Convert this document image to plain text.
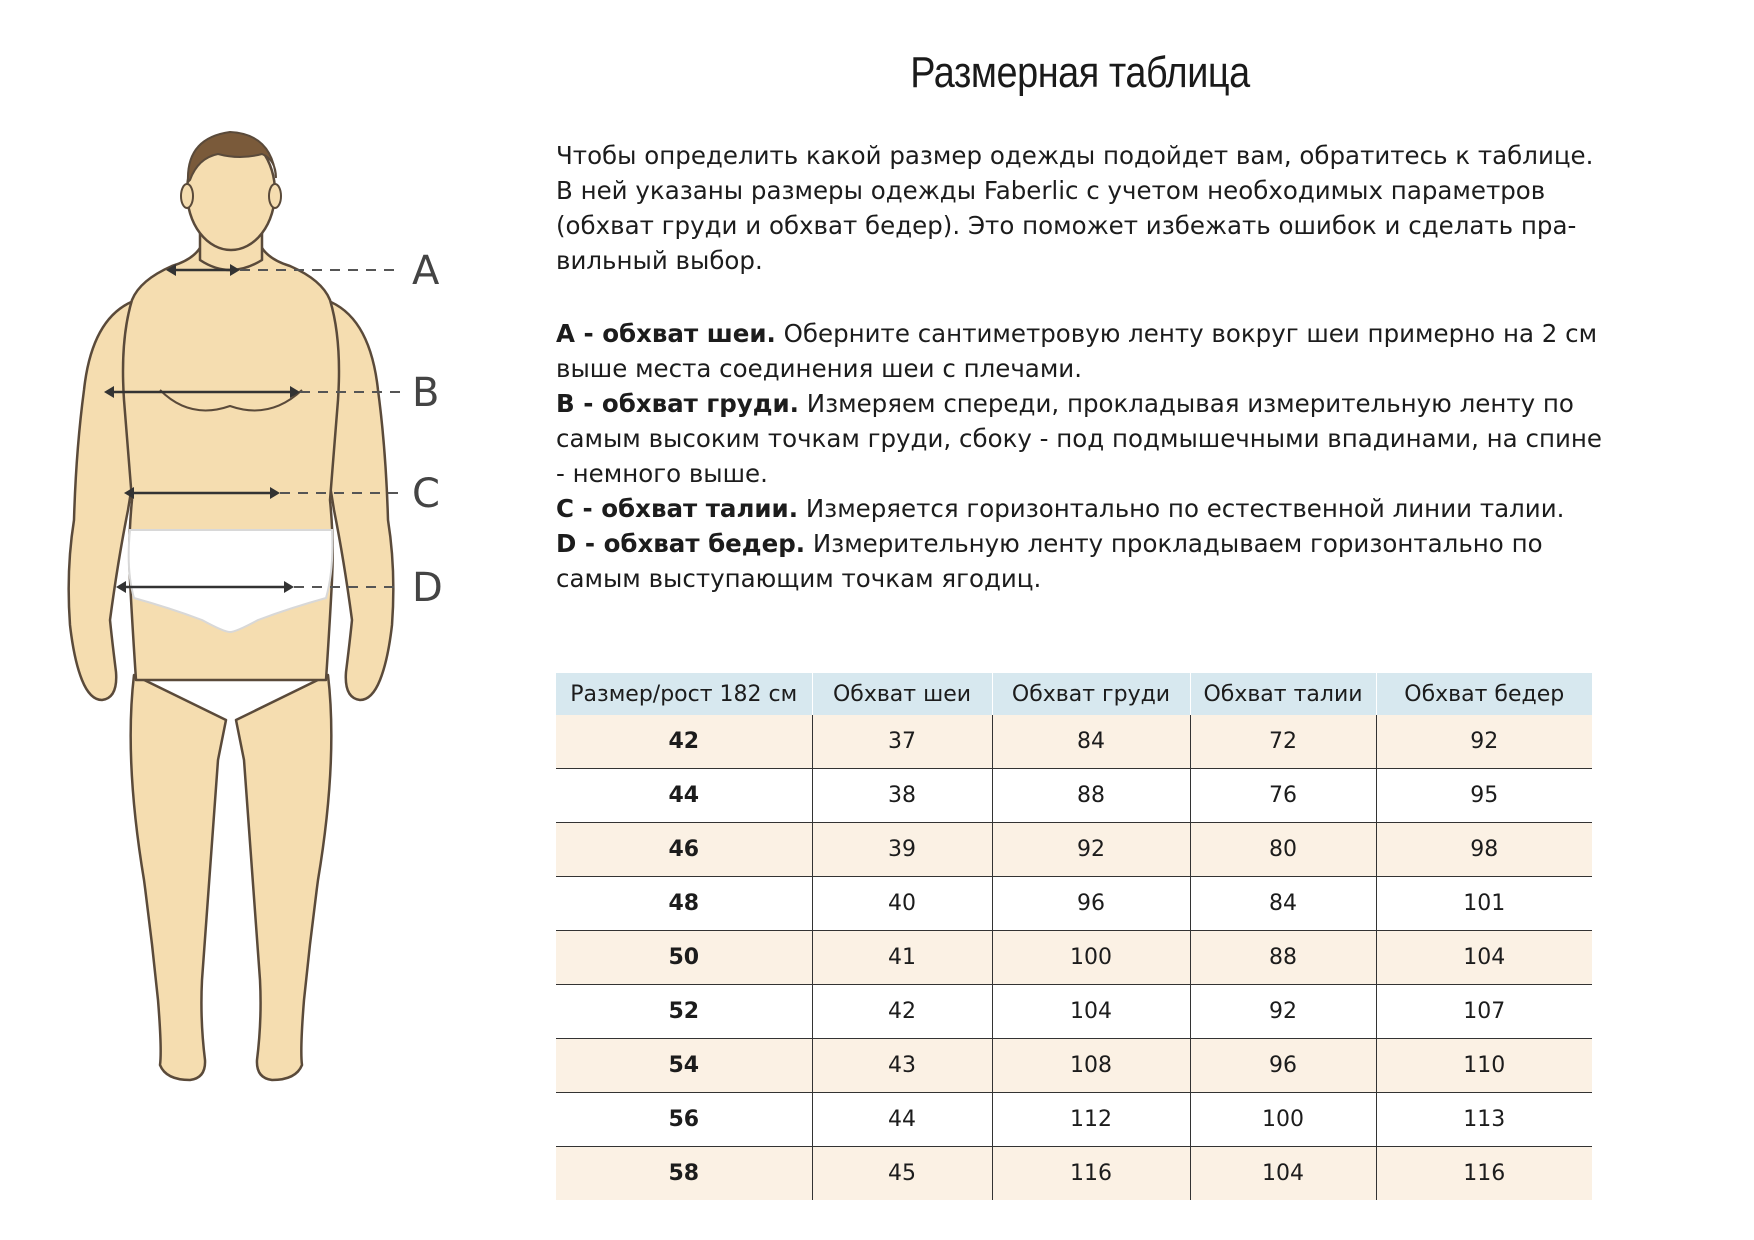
A
B
C
D
Размерная таблица

Чтобы определить какой размер одежды подойдет вам, обратитесь к таблице.

В ней указаны размеры одежды Faberlic с учетом необходимых параметров

(обхват груди и обхват бедер). Это поможет избежать ошибок и сделать пра-

вильный выбор.

A - обхват шеи. Оберните сантиметровую ленту вокруг шеи примерно на 2 см выше места соединения шеи с плечами.

B - обхват груди. Измеряем спереди, прокладывая измерительную ленту по самым высоким точкам груди, сбоку - под подмышечными впадинами, на спине - немного выше.

C - обхват талии. Измеряется горизонтально по естественной линии талии.

D - обхват бедер. Измерительную ленту прокладываем горизонтально по самым выступающим точкам ягодиц.

Размер/рост 182 см	Обхват шеи	Обхват груди	Обхват талии	Обхват бедер
42	37	84	72	92
44	38	88	76	95
46	39	92	80	98
48	40	96	84	101
50	41	100	88	104
52	42	104	92	107
54	43	108	96	110
56	44	112	100	113
58	45	116	104	116
